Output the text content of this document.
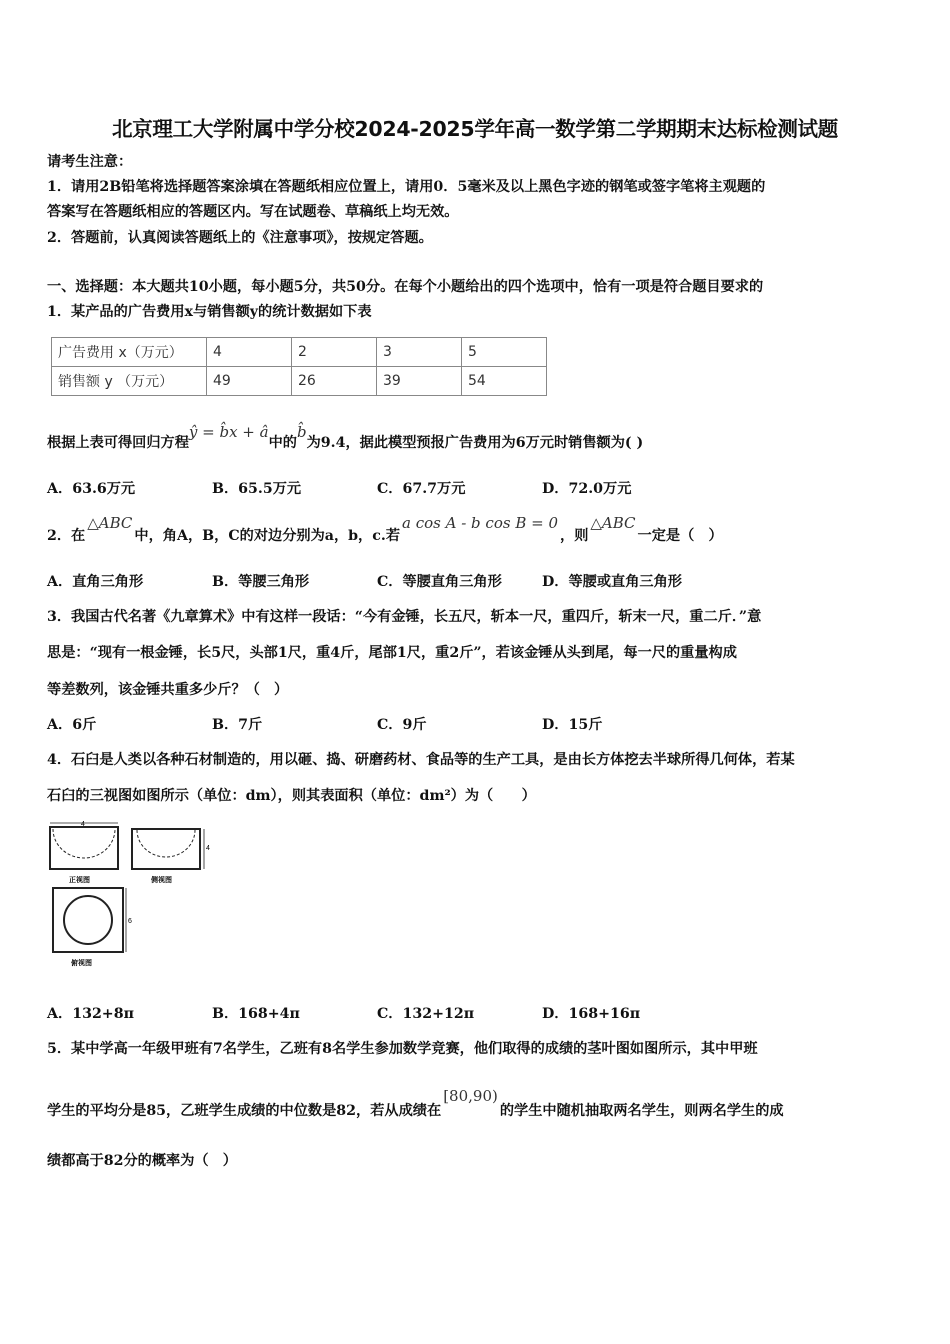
北京理工大学附属中学分校2024-2025学年高一数学第二学期期末达标检测试题
请考生注意：
1．请用2B铅笔将选择题答案涂填在答题纸相应位置上，请用0．5毫米及以上黑色字迹的钢笔或签字笔将主观题的
答案写在答题纸相应的答题区内。写在试题卷、草稿纸上均无效。
2．答题前，认真阅读答题纸上的《注意事项》，按规定答题。
一、选择题：本大题共10小题，每小题5分，共50分。在每个小题给出的四个选项中，恰有一项是符合题目要求的
1．某产品的广告费用x与销售额y的统计数据如下表
广告费用 x（万元）	4	2	3	5
销售额 y （万元）	49	26	39	54
根据上表可得回归方程ŷ = b̂x + â中的b̂为9.4，据此模型预报广告费用为6万元时销售额为( )
A．63.6万元	B．65.5万元	C．67.7万元	D．72.0万元
2．在△ABC中，角A，B，C的对边分别为a，b，c.若a cos A - b cos B = 0，则△ABC一定是（　）
A．直角三角形	B．等腰三角形	C．等腰直角三角形	D．等腰或直角三角形
3．我国古代名著《九章算术》中有这样一段话：“今有金锤，长五尺，斩本一尺，重四斤，斩末一尺，重二斤．”意
思是：“现有一根金锤，长5尺，头部1尺，重4斤，尾部1尺，重2斤”，若该金锤从头到尾，每一尺的重量构成
等差数列，该金锤共重多少斤？（　）
A．6斤	B．7斤	C．9斤	D．15斤
4．石臼是人类以各种石材制造的，用以砸、捣、研磨药材、食品等的生产工具，是由长方体挖去半球所得几何体，若某
石臼的三视图如图所示（单位：dm），则其表面积（单位：dm²）为（　　）
4
正视图
4
侧视图
6
俯视图
A．132+8π	B．168+4π	C．132+12π	D．168+16π
5．某中学高一年级甲班有7名学生，乙班有8名学生参加数学竞赛，他们取得的成绩的茎叶图如图所示，其中甲班
学生的平均分是85，乙班学生成绩的中位数是82，若从成绩在[80,90)的学生中随机抽取两名学生，则两名学生的成
绩都高于82分的概率为（　）
